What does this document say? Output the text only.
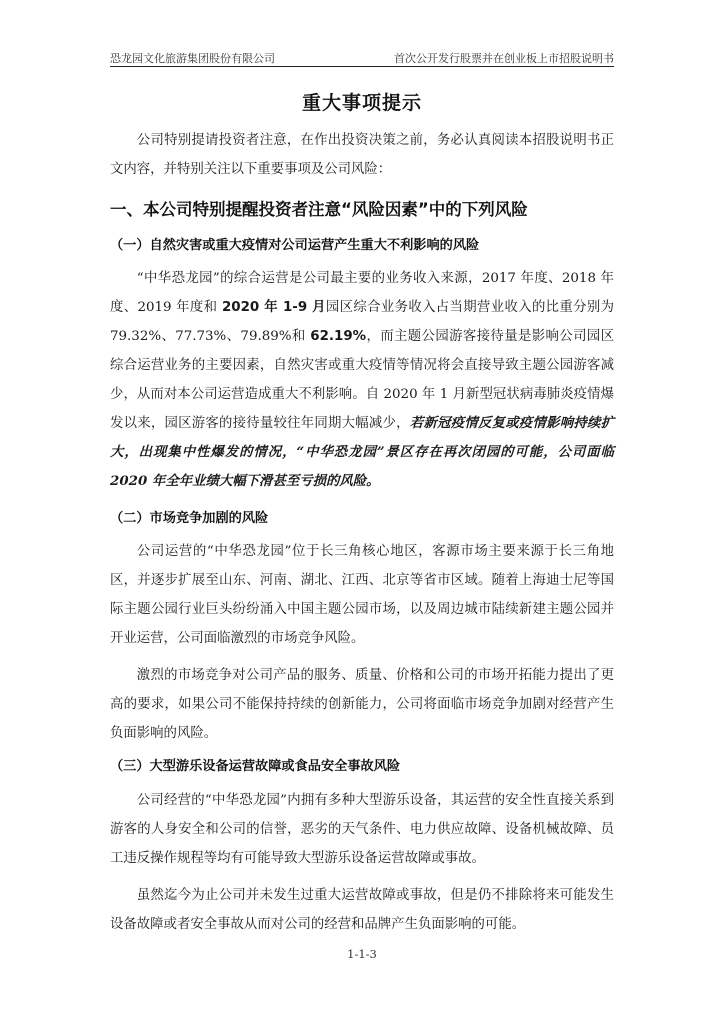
恐龙园文化旅游集团股份有限公司	首次公开发行股票并在创业板上市招股说明书
重大事项提示

公司特别提请投资者注意，在作出投资决策之前，务必认真阅读本招股说明书正文内容，并特别关注以下重要事项及公司风险：

一、本公司特别提醒投资者注意“风险因素”中的下列风险

（一）自然灾害或重大疫情对公司运营产生重大不利影响的风险

“中华恐龙园”的综合运营是公司最主要的业务收入来源，2017 年度、2018 年度、2019 年度和 2020 年 1-9 月园区综合业务收入占当期营业收入的比重分别为 79.32%、77.73%、79.89%和 62.19%，而主题公园游客接待量是影响公司园区综合运营业务的主要因素，自然灾害或重大疫情等情况将会直接导致主题公园游客减少，从而对本公司运营造成重大不利影响。自 2020 年 1 月新型冠状病毒肺炎疫情爆发以来，园区游客的接待量较往年同期大幅减少，若新冠疫情反复或疫情影响持续扩大，出现集中性爆发的情况，“中华恐龙园”景区存在再次闭园的可能，公司面临 2020 年全年业绩大幅下滑甚至亏损的风险。

（二）市场竞争加剧的风险

公司运营的“中华恐龙园”位于长三角核心地区，客源市场主要来源于长三角地区，并逐步扩展至山东、河南、湖北、江西、北京等省市区域。随着上海迪士尼等国际主题公园行业巨头纷纷涌入中国主题公园市场，以及周边城市陆续新建主题公园并开业运营，公司面临激烈的市场竞争风险。

激烈的市场竞争对公司产品的服务、质量、价格和公司的市场开拓能力提出了更高的要求，如果公司不能保持持续的创新能力，公司将面临市场竞争加剧对经营产生负面影响的风险。

（三）大型游乐设备运营故障或食品安全事故风险

公司经营的“中华恐龙园”内拥有多种大型游乐设备，其运营的安全性直接关系到游客的人身安全和公司的信誉，恶劣的天气条件、电力供应故障、设备机械故障、员工违反操作规程等均有可能导致大型游乐设备运营故障或事故。

虽然迄今为止公司并未发生过重大运营故障或事故，但是仍不排除将来可能发生设备故障或者安全事故从而对公司的经营和品牌产生负面影响的可能。

1-1-3
